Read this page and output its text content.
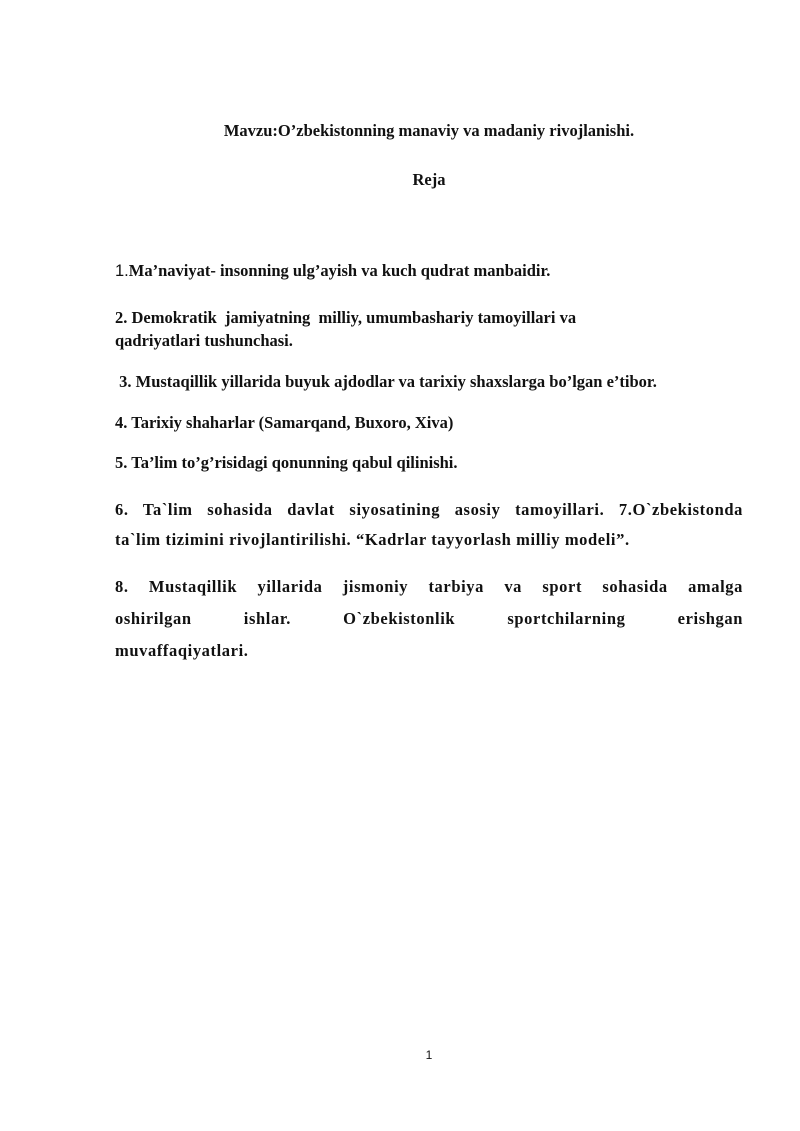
Mavzu:O’zbekistonning manaviy va madaniy rivojlanishi.
Reja
1.Ma’naviyat- insonning ulg’ayish va kuch qudrat manbaidir.
2. Demokratik  jamiyatning  milliy, umumbashariy tamoyillari va
qadriyatlari tushunchasi.
3. Mustaqillik yillarida buyuk ajdodlar va tarixiy shaxslarga bo’lgan e’tibor.
4. Tarixiy shaharlar (Samarqand, Buxoro, Xiva)
5. Ta’lim to’g’risidagi qonunning qabul qilinishi.
6. Ta`lim sohasida davlat siyosatining asosiy tamoyillari. 7.O`zbekistonda
ta`lim tizimini rivojlantirilishi. “Kadrlar tayyorlash milliy modeli”.
8. Mustaqillik yillarida jismoniy tarbiya va sport sohasida amalga
oshirilgan ishlar. O`zbekistonlik sportchilarning erishgan
muvaffaqiyatlari.
1
